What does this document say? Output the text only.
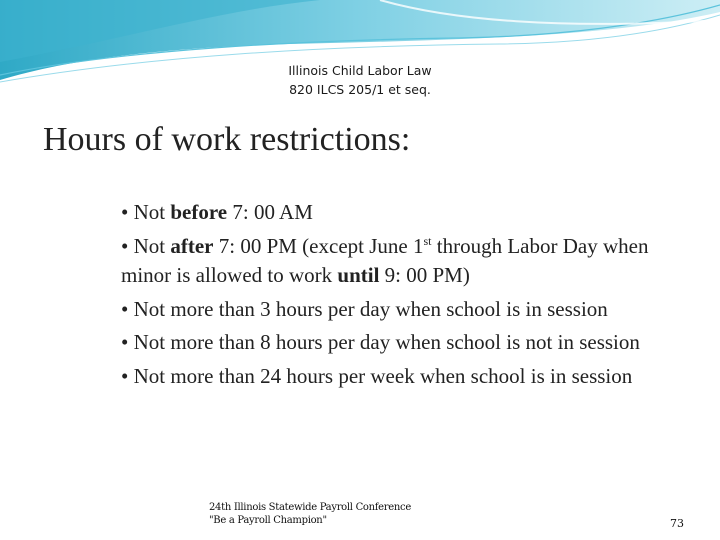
Illinois Child Labor Law
820 ILCS 205/1 et seq.
Hours of work restrictions:

• Not before 7: 00 AM

• Not after 7: 00 PM (except June 1st through Labor Day when minor is allowed to work until 9: 00 PM)

• Not more than 3 hours per day when school is in session

• Not more than 8 hours per day when school is not in session

• Not more than 24 hours per week when school is in session

24th Illinois Statewide Payroll Conference
"Be a Payroll Champion"	73
